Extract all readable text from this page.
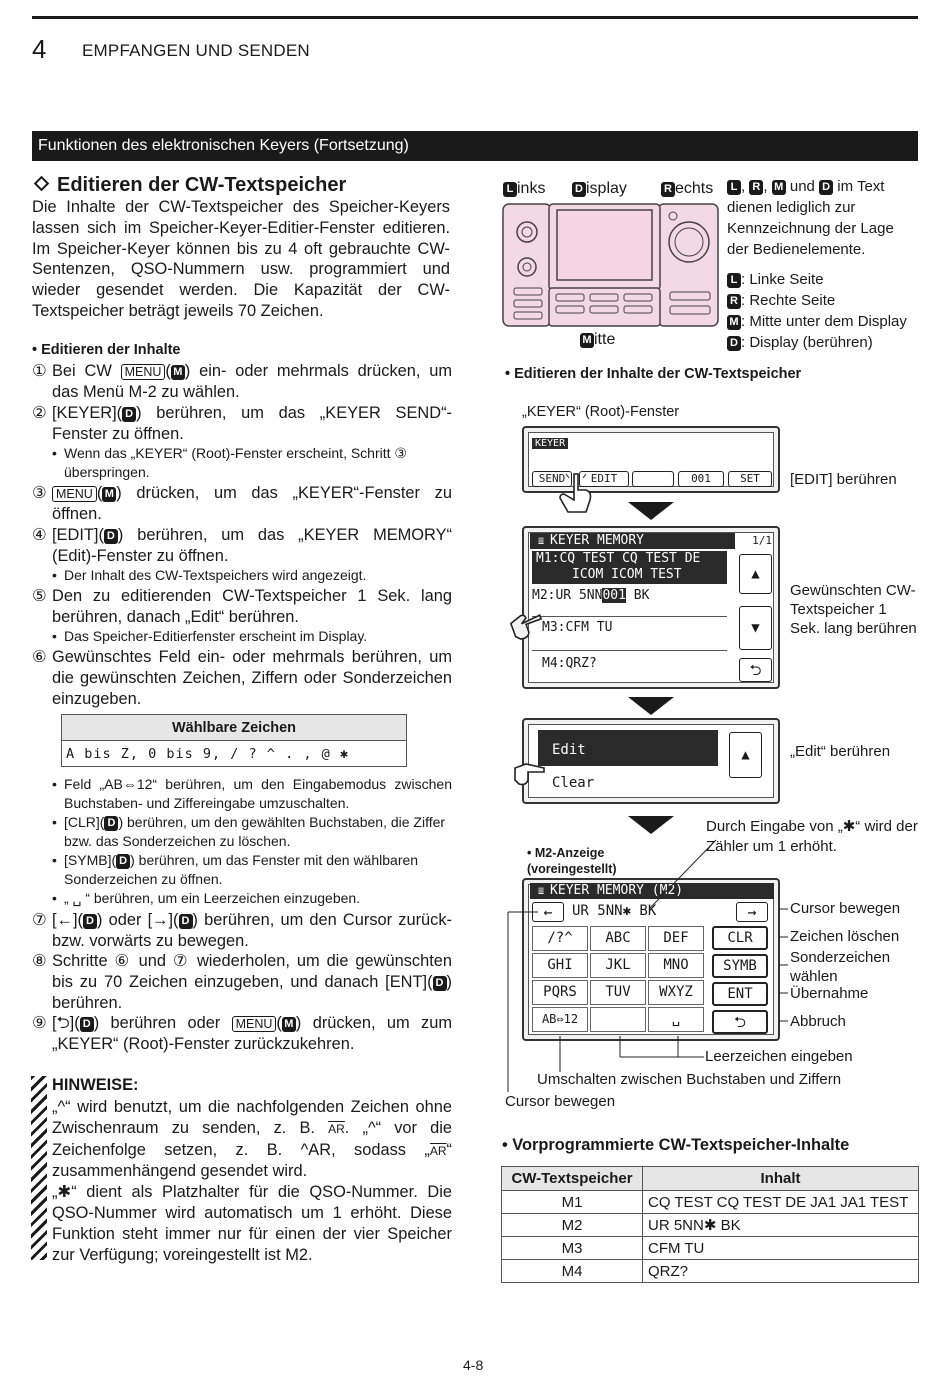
4 EMPFANGEN UND SENDEN
Funktionen des elektronischen Keyers (Fortsetzung)
Editieren der CW-Textspeicher
Die Inhalte der CW-Textspeicher des Speicher-Keyers lassen sich im Speicher-Keyer-Editier-Fenster editieren. Im Speicher-Keyer können bis zu 4 oft gebrauchte CW-Sentenzen, QSO-Nummern usw. programmiert und wieder gesendet werden. Die Kapazität der CW-Textspeicher beträgt jeweils 70 Zeichen.
• Editieren der Inhalte
① Bei CW MENU ( M ) ein- oder mehrmals drücken, um das Menü M-2 zu wählen.
② [KEYER]( D ) berühren, um das „KEYER SEND“-Fenster zu öffnen.
• Wenn das „KEYER“ (Root)-Fenster erscheint, Schritt ③ überspringen.
③ MENU ( M ) drücken, um das „KEYER“-Fenster zu öffnen.
④ [EDIT]( D ) berühren, um das „KEYER MEMORY“ (Edit)-Fenster zu öffnen.
• Der Inhalt des CW-Textspeichers wird angezeigt.
⑤ Den zu editierenden CW-Textspeicher 1 Sek. lang berühren, danach „Edit“ berühren.
• Das Speicher-Editierfenster erscheint im Display.
⑥ Gewünschtes Feld ein- oder mehrmals berühren, um die gewünschten Zeichen, Ziffern oder Sonderzeichen einzugeben.
Wählbare Zeichen
A bis Z, 0 bis 9, / ? ^ . , @ ✱
• Feld „AB⇔12“ berühren, um den Eingabemodus zwischen Buchstaben- und Ziffereingabe umzuschalten.
• [CLR]( D ) berühren, um den gewählten Buchstaben, die Ziffer bzw. das Sonderzeichen zu löschen.
• [SYMB]( D ) berühren, um das Fenster mit den wählbaren Sonderzeichen zu öffnen.
• „ ␣ “ berühren, um ein Leerzeichen einzugeben.
⑦ [←]( D ) oder [→]( D ) berühren, um den Cursor zurück- bzw. vorwärts zu bewegen.
⑧ Schritte ⑥ und ⑦ wiederholen, um die gewünschten bis zu 70 Zeichen einzugeben, und danach [ENT]( D ) berühren.
⑨ [⮌]( D ) berühren oder MENU ( M ) drücken, um zum „KEYER“ (Root)-Fenster zurückzukehren.
HINWEISE:
„^“ wird benutzt, um die nachfolgenden Zeichen ohne Zwischenraum zu senden, z. B. $\overline{AR}$. „^“ vor die Zeichenfolge setzen, z. B. ^AR, sodass $„\overline{AR}“$ zusammenhängend gesendet wird.
„✱“ dient als Platzhalter für die QSO-Nummer. Die QSO-Nummer wird automatisch um 1 erhöht. Diese Funktion steht immer nur für einen der vier Speicher zur Verfügung; voreingestellt ist M2.
L inks	D isplay	R echts
M itte
L , R , M und D im Text dienen lediglich zur Kennzeichnung der Lage der Bedienelemente.
L : Linke Seite
R : Rechte Seite
M : Mitte unter dem Display
D : Display (berühren)
• Editieren der Inhalte der CW-Textspeicher
„KEYER“ (Root)-Fenster
KEYER
SEND	EDIT	001	SET	[EDIT] berühren
≣ KEYER MEMORY	1/1
M1:CQ TEST CQ TEST DE
ICOM ICOM TEST
M2:UR 5NN001 BK
M3:CFM TU
M4:QRZ?
▲
▼
⮌
Gewünschten CW-Textspeicher 1 Sek. lang berühren
Edit
Clear
▲	„Edit“ berühren
Durch Eingabe von „✱“ wird der Zähler um 1 erhöht.
• M2-Anzeige (voreingestellt)
≣ KEYER MEMORY (M2)
←	UR 5NN✱ BK	→
/?^	ABC	DEF
GHI	JKL	MNO
PQRS	TUV	WXYZ
AB⇔12	␣
CLR
SYMB
ENT
⮌
Cursor bewegen
Zeichen löschen
Sonderzeichen wählen
Übernahme
Abbruch
Leerzeichen eingeben
Umschalten zwischen Buchstaben und Ziffern
Cursor bewegen
• Vorprogrammierte CW-Textspeicher-Inhalte
CW-Textspeicher	Inhalt
M1	CQ TEST CQ TEST DE JA1 JA1 TEST
M2	UR 5NN✱ BK
M3	CFM TU
M4	QRZ?
4-8
